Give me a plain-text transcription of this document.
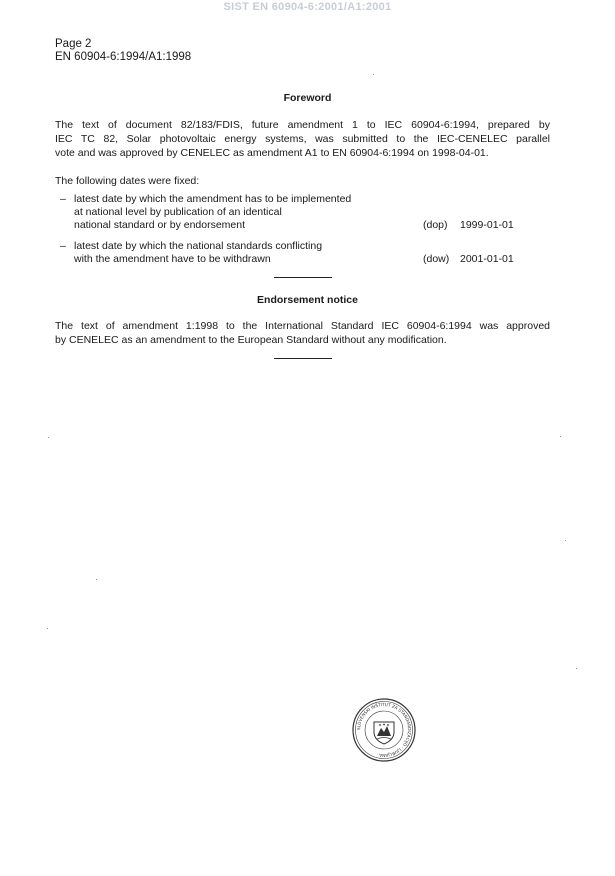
SIST EN 60904-6:2001/A1:2001
Page 2
EN 60904-6:1994/A1:1998
Foreword
The text of document 82/183/FDIS, future amendment 1 to IEC 60904-6:1994, prepared by
IEC TC 82, Solar photovoltaic energy systems, was submitted to the IEC-CENELEC parallel
vote and was approved by CENELEC as amendment A1 to EN 60904-6:1994 on 1998-04-01.
The following dates were fixed:
– latest date by which the amendment has to be implemented
at national level by publication of an identical
national standard or by endorsement	(dop) 1999-01-01
– latest date by which the national standards conflicting
with the amendment have to be withdrawn	(dow) 2001-01-01
Endorsement notice
The text of amendment 1:1998 to the International Standard IEC 60904-6:1994 was approved
by CENELEC as an amendment to the European Standard without any modification.
SLOVENSKI INŠTITUT ZA STANDARDIZACIJO · LJUBLJANA ·
